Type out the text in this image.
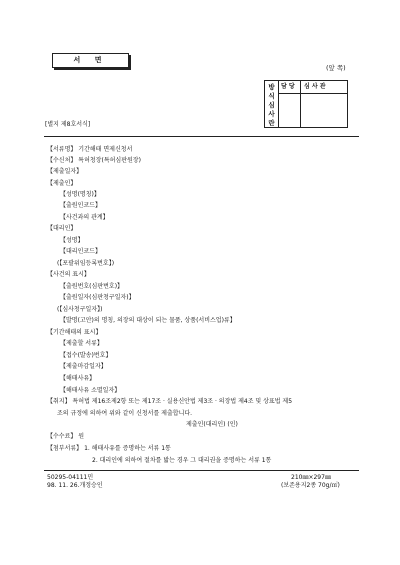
서 면
(앞 쪽)
방
식
심
사
란
담 당 심 사 관
[별지 제8호서식]
【서류명】 기간해태 면제신청서
【수신처】 특허청장(특허심판원장)
【제출일자】
【제출인】
【성명(명칭)】
【출원인코드】
【사건과의 관계】
【대리인】
【성명】
【대리인코드】
(【포괄위임등록번호】)
【사건의 표시】
【출원번호(심판번호)】
【출원일자(심판청구일자)】
(【심사청구일자】)
【발명(고안)의 명칭, 의장의 대상이 되는 물품, 상품(서비스업)류】
【기간해태의 표시】
【제출할 서류】
【접수(발송)번호】
【제출마감일자】
【해태사유】
【해태사유 소멸일자】
【취지】 특허법 제16조제2항 또는 제17조 · 실용신안법 제3조 · 의장법 제4조 및 상표법 제5
조의 규정에 의하여 위와 같이 신청서를 제출합니다.
제출인(대리인) (인)
【수수료】 원
【첨부서류】 1. 해태사유를 증명하는 서류 1통
2. 대리인에 의하여 절차를 밟는 경우 그 대리권을 증명하는 서류 1통
50295-04111민
98. 11. 26.개정승인
210㎜×297㎜
(보존용지2종 70g/㎡)
